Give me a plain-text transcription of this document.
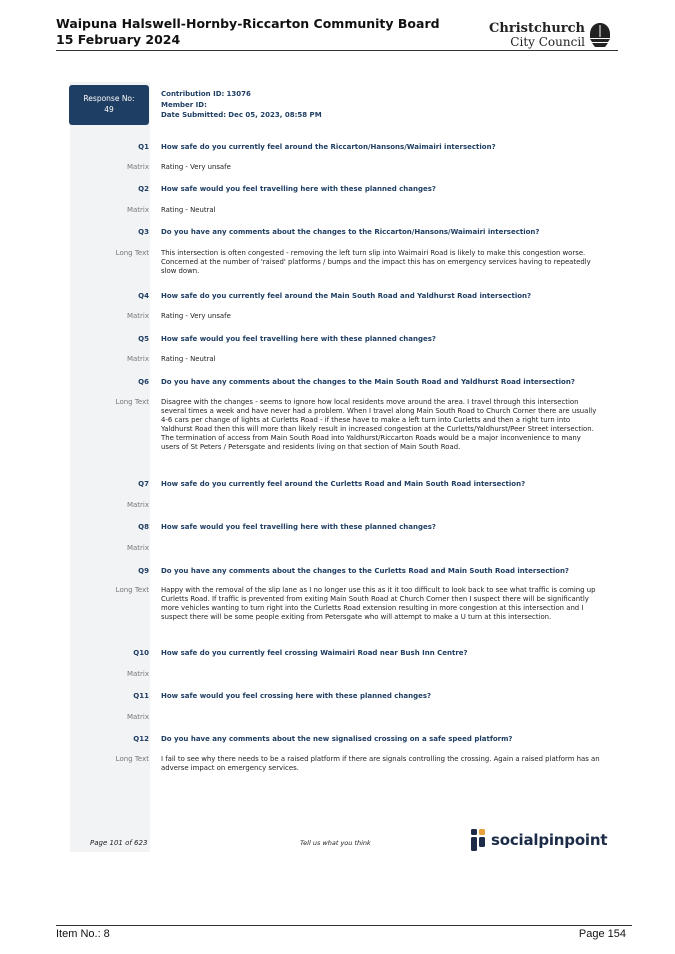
Waipuna Halswell-Hornby-Riccarton Community Board
15 February 2024
Christchurch
City Council
Response No:
49
Contribution ID: 13076
Member ID:
Date Submitted: Dec 05, 2023, 08:58 PM
Q1 How safe do you currently feel around the Riccarton/Hansons/Waimairi intersection?
Matrix Rating - Very unsafe
Q2 How safe would you feel travelling here with these planned changes?
Matrix Rating - Neutral
Q3 Do you have any comments about the changes to the Riccarton/Hansons/Waimairi intersection?
Long Text This intersection is often congested - removing the left turn slip into Waimairi Road is likely to make this congestion worse. Concerned at the number of 'raised' platforms / bumps and the impact this has on emergency services having to repeatedly slow down.
Q4 How safe do you currently feel around the Main South Road and Yaldhurst Road intersection?
Matrix Rating - Very unsafe
Q5 How safe would you feel travelling here with these planned changes?
Matrix Rating - Neutral
Q6 Do you have any comments about the changes to the Main South Road and Yaldhurst Road intersection?
Long Text Disagree with the changes - seems to ignore how local residents move around the area. I travel through this intersection several times a week and have never had a problem. When I travel along Main South Road to Church Corner there are usually 4-6 cars per change of lights at Curletts Road - if these have to make a left turn into Curletts and then a right turn into Yaldhurst Road then this will more than likely result in increased congestion at the Curletts/Yaldhurst/Peer Street intersection. The termination of access from Main South Road into Yaldhurst/Riccarton Roads would be a major inconvenience to many users of St Peters / Petersgate and residents living on that section of Main South Road.
Q7 How safe do you currently feel around the Curletts Road and Main South Road intersection?
Matrix
Q8 How safe would you feel travelling here with these planned changes?
Matrix
Q9 Do you have any comments about the changes to the Curletts Road and Main South Road intersection?
Long Text Happy with the removal of the slip lane as I no longer use this as it it too difficult to look back to see what traffic is coming up Curletts Road. If traffic is prevented from exiting Main South Road at Church Corner then I suspect there will be significantly more vehicles wanting to turn right into the Curletts Road extension resulting in more congestion at this intersection and I suspect there will be some people exiting from Petersgate who will attempt to make a U turn at this intersection.
Q10 How safe do you currently feel crossing Waimairi Road near Bush Inn Centre?
Matrix
Q11 How safe would you feel crossing here with these planned changes?
Matrix
Q12 Do you have any comments about the new signalised crossing on a safe speed platform?
Long Text I fail to see why there needs to be a raised platform if there are signals controlling the crossing. Again a raised platform has an adverse impact on emergency services.
Page 101 of 623	Tell us what you think	socialpinpoint
Item No.: 8	Page 154
